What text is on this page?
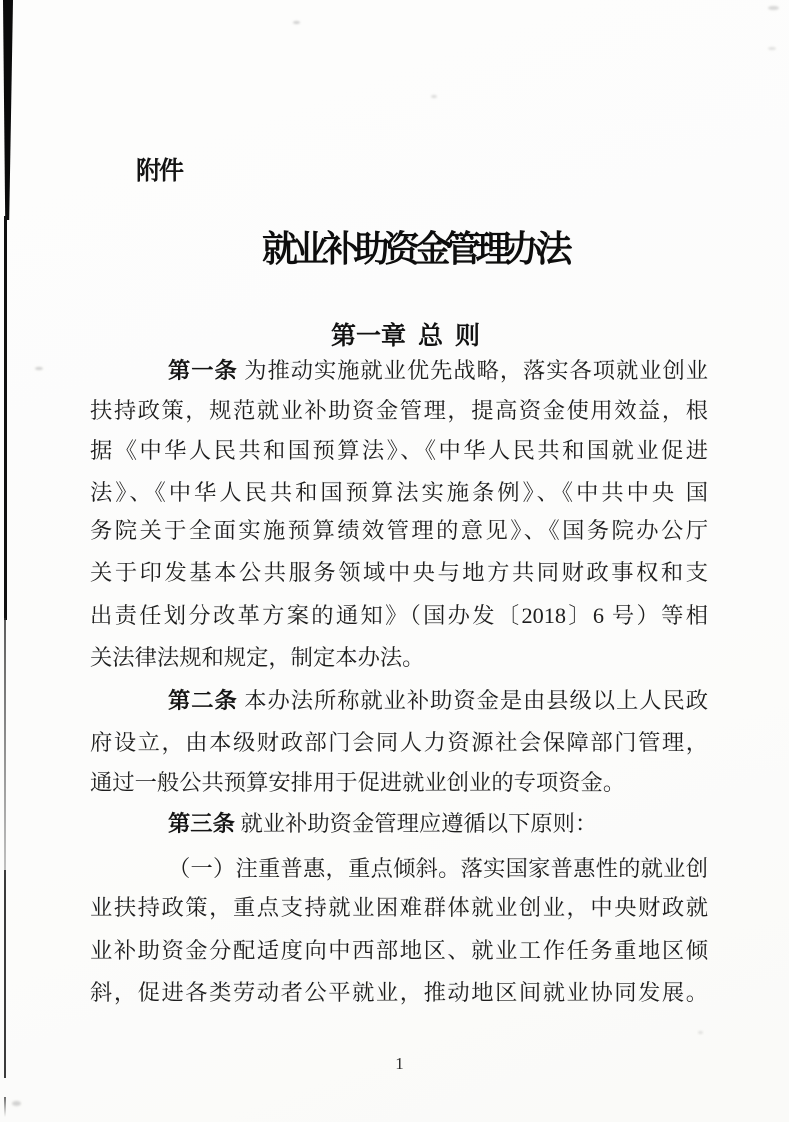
附件
就业补助资金管理办法
第一章 总 则
第一条 为推动实施就业优先战略，落实各项就业创业
扶持政策，规范就业补助资金管理，提高资金使用效益，根
据《中华人民共和国预算法》、《中华人民共和国就业促进
法》、《中华人民共和国预算法实施条例》、《中共中央 国
务院关于全面实施预算绩效管理的意见》、《国务院办公厅
关于印发基本公共服务领域中央与地方共同财政事权和支
出责任划分改革方案的通知》（国办发〔2018〕6 号）等相
关法律法规和规定，制定本办法。
第二条 本办法所称就业补助资金是由县级以上人民政
府设立，由本级财政部门会同人力资源社会保障部门管理，
通过一般公共预算安排用于促进就业创业的专项资金。
第三条 就业补助资金管理应遵循以下原则：
（一）注重普惠，重点倾斜。落实国家普惠性的就业创
业扶持政策，重点支持就业困难群体就业创业，中央财政就
业补助资金分配适度向中西部地区、就业工作任务重地区倾
斜，促进各类劳动者公平就业，推动地区间就业协同发展。
1
